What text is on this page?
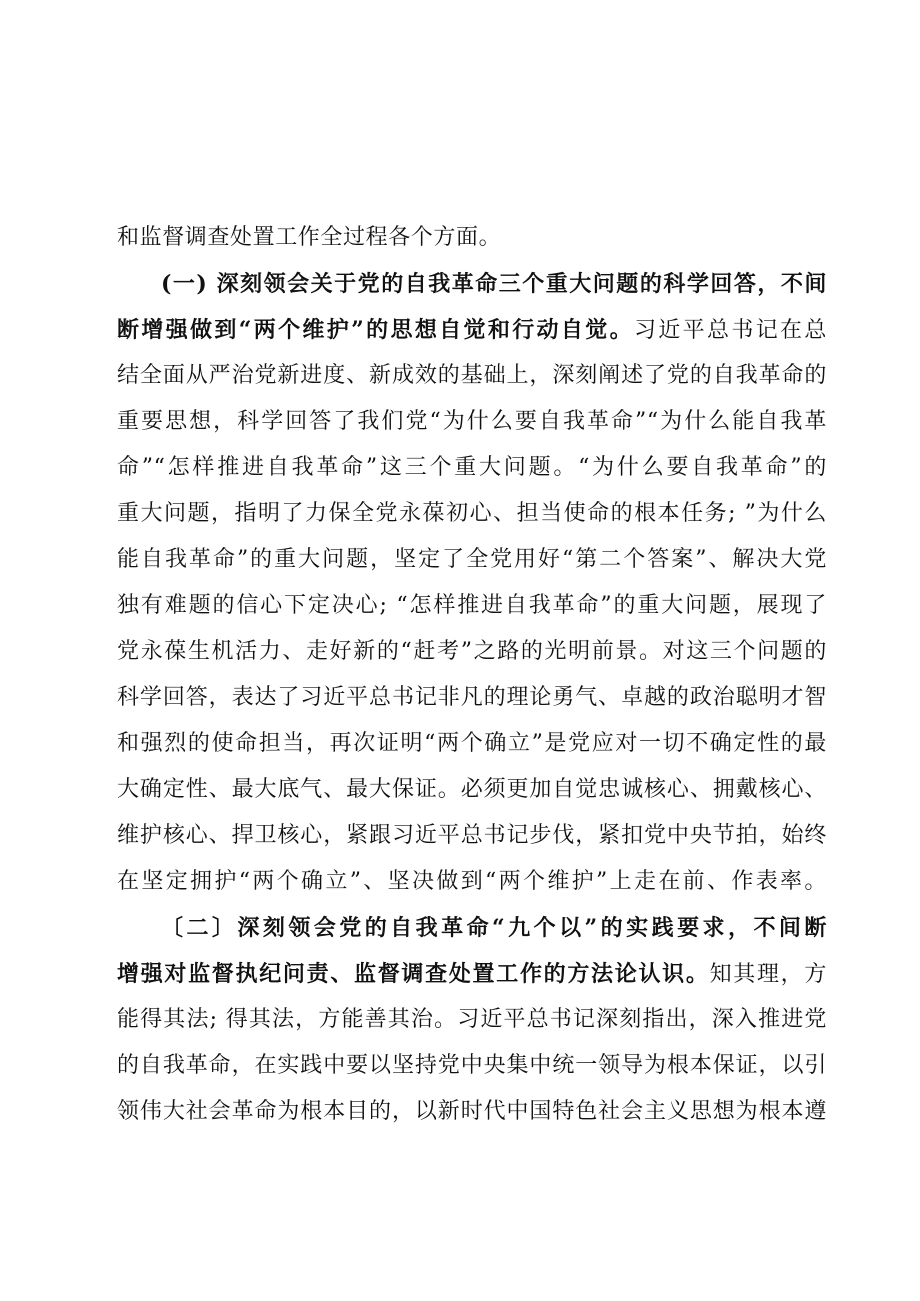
和监督调查处置工作全过程各个方面。
(一) 深刻领会关于党的自我革命三个重大问题的科学回答，不间
断增强做到“两个维护”的思想自觉和行动自觉。习近平总书记在总
结全面从严治党新进度、新成效的基础上，深刻阐述了党的自我革命的
重要思想，科学回答了我们党“为什么要自我革命”“为什么能自我革
命”“怎样推进自我革命”这三个重大问题。“为什么要自我革命”的
重大问题，指明了力保全党永葆初心、担当使命的根本任务; ”为什么
能自我革命”的重大问题，坚定了全党用好“第二个答案”、解决大党
独有难题的信心下定决心; “怎样推进自我革命”的重大问题，展现了
党永葆生机活力、走好新的“赶考”之路的光明前景。对这三个问题的
科学回答，表达了习近平总书记非凡的理论勇气、卓越的政治聪明才智
和强烈的使命担当，再次证明“两个确立”是党应对一切不确定性的最
大确定性、最大底气、最大保证。必须更加自觉忠诚核心、拥戴核心、
维护核心、捍卫核心，紧跟习近平总书记步伐，紧扣党中央节拍，始终
在坚定拥护“两个确立”、坚决做到“两个维护”上走在前、作表率。
〔二〕深刻领会党的自我革命“九个以”的实践要求，不间断
增强对监督执纪问责、监督调查处置工作的方法论认识。知其理，方
能得其法; 得其法，方能善其治。习近平总书记深刻指出，深入推进党
的自我革命，在实践中要以坚持党中央集中统一领导为根本保证，以引
领伟大社会革命为根本目的，以新时代中国特色社会主义思想为根本遵
